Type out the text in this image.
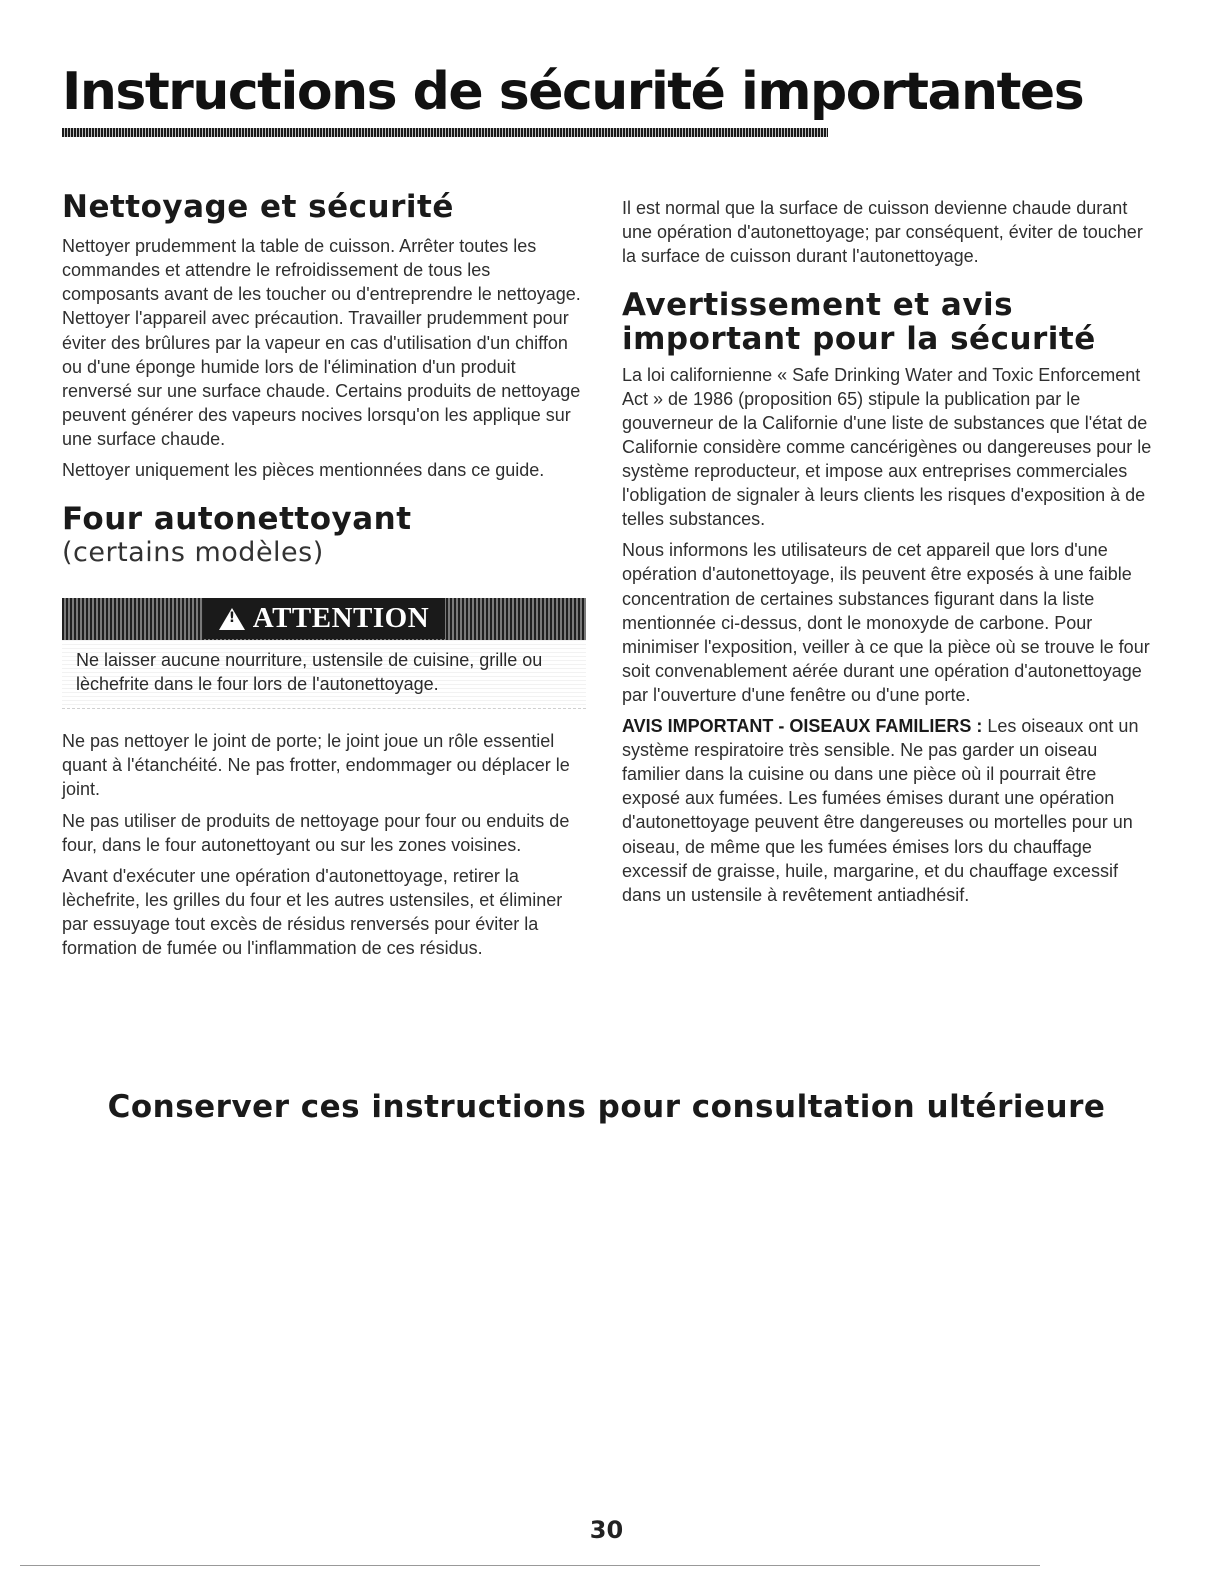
Instructions de sécurité importantes
Nettoyage et sécurité

Nettoyer prudemment la table de cuisson. Arrêter toutes les commandes et attendre le refroidissement de tous les composants avant de les toucher ou d'entreprendre le nettoyage. Nettoyer l'appareil avec précaution. Travailler prudemment pour éviter des brûlures par la vapeur en cas d'utilisation d'un chiffon ou d'une éponge humide lors de l'élimination d'un produit renversé sur une surface chaude. Certains produits de nettoyage peuvent générer des vapeurs nocives lorsqu'on les applique sur une surface chaude.

Nettoyer uniquement les pièces mentionnées dans ce guide.

Four autonettoyant
(certains modèles)
!
ATTENTION
Ne laisser aucune nourriture, ustensile de cuisine, grille ou lèchefrite dans le four lors de l'autonettoyage.

Ne pas nettoyer le joint de porte; le joint joue un rôle essentiel quant à l'étanchéité. Ne pas frotter, endommager ou déplacer le joint.

Ne pas utiliser de produits de nettoyage pour four ou enduits de four, dans le four autonettoyant ou sur les zones voisines.

Avant d'exécuter une opération d'autonettoyage, retirer la lèchefrite, les grilles du four et les autres ustensiles, et éliminer par essuyage tout excès de résidus renversés pour éviter la formation de fumée ou l'inflammation de ces résidus.

Il est normal que la surface de cuisson devienne chaude durant une opération d'autonettoyage; par conséquent, éviter de toucher la surface de cuisson durant l'autonettoyage.

Avertissement et avis
important pour la sécurité

La loi californienne « Safe Drinking Water and Toxic Enforcement Act » de 1986 (proposition 65) stipule la publication par le gouverneur de la Californie d'une liste de substances que l'état de Californie considère comme cancérigènes ou dangereuses pour le système reproducteur, et impose aux entreprises commerciales l'obligation de signaler à leurs clients les risques d'exposition à de telles substances.

Nous informons les utilisateurs de cet appareil que lors d'une opération d'autonettoyage, ils peuvent être exposés à une faible concentration de certaines substances figurant dans la liste mentionnée ci-dessus, dont le monoxyde de carbone. Pour minimiser l'exposition, veiller à ce que la pièce où se trouve le four soit convenablement aérée durant une opération d'autonettoyage par l'ouverture d'une fenêtre ou d'une porte.

AVIS IMPORTANT - OISEAUX FAMILIERS : Les oiseaux ont un système respiratoire très sensible. Ne pas garder un oiseau familier dans la cuisine ou dans une pièce où il pourrait être exposé aux fumées. Les fumées émises durant une opération d'autonettoyage peuvent être dangereuses ou mortelles pour un oiseau, de même que les fumées émises lors du chauffage excessif de graisse, huile, margarine, et du chauffage excessif dans un ustensile à revêtement antiadhésif.

Conserver ces instructions pour consultation ultérieure

30
